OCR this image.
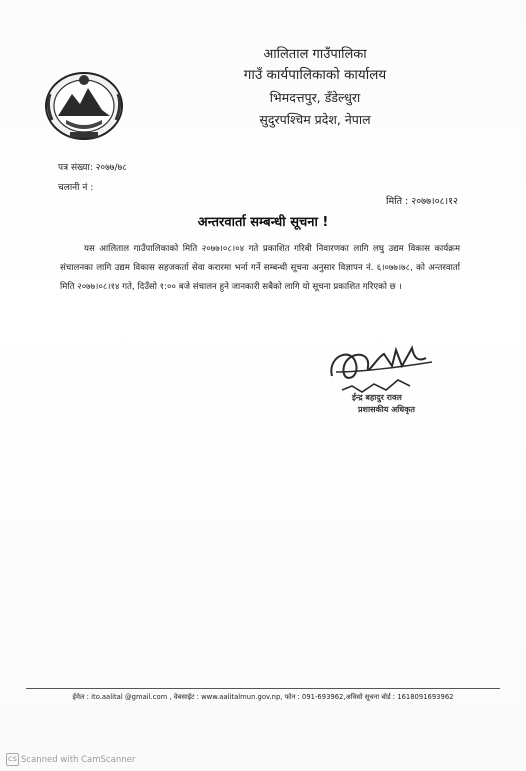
आलिताल गाउँपालिका
गाउँ कार्यपालिकाको कार्यालय
भिमदत्तपुर, डँडेल्धुरा
सुदुरपश्चिम प्रदेश, नेपाल
पत्र संख्या: २०७७/७८
चलानी नं :
मिति : २०७७।०८।१२
अन्तरवार्ता सम्बन्धी सूचना !
यस आलिताल गाउँपालिकाको मिति २०७७।०८।०४ गते प्रकाशित गरिबी निवारणका लागि लघु उद्यम विकास कार्यक्रम संचालनका लागि उद्यम विकास सहजकर्ता सेवा करारमा भर्ना गर्ने सम्बन्धी सूचना अनुसार विज्ञापन नं. ६।०७७।७८, को अन्तरवार्ता मिति २०७७।०८।१४ गते, दिउँसो १:०० बजे संचालन हुने जानकारी सबैको लागि यो सूचना प्रकाशित गरिएको छ ।
ईन्द्र बहादुर रावल
प्रशासकीय अधिकृत
ईमेल : ito.aalital @gmail.com , वेबसाईट : www.aalitalmun.gov.np, फोन : 091-693962,अविसो सूचना बोर्ड : 1618091693962
CS Scanned with CamScanner
